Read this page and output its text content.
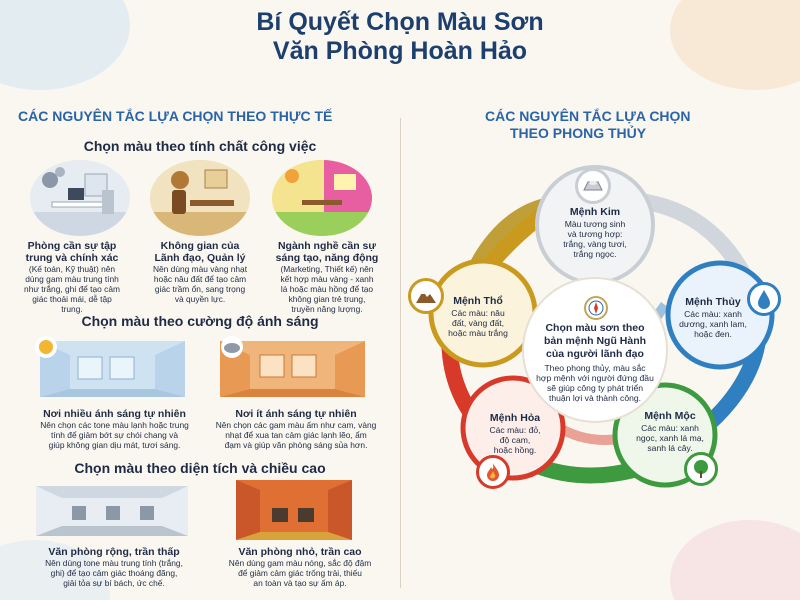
Bí Quyết Chọn Màu Sơn
Văn Phòng Hoàn Hảo
CÁC NGUYÊN TẮC LỰA CHỌN THEO THỰC TẾ
Chọn màu theo tính chất công việc
Phòng cần sự tập
trung và chính xác
(Kế toán, Kỹ thuật) nên
dùng gam màu trung tính
như trắng, ghi để tạo cảm
giác thoải mái, dễ tập
trung.
Không gian của
Lãnh đạo, Quản lý
Nên dùng màu vàng nhạt
hoặc nâu đất để tạo cảm
giác trầm ổn, sang trọng
và quyền lực.
Ngành nghề cần sự
sáng tạo, năng động
(Marketing, Thiết kế) nên
kết hợp màu vàng - xanh
lá hoặc màu hồng để tạo
không gian trẻ trung,
truyền năng lượng.
Chọn màu theo cường độ ánh sáng
Nơi nhiều ánh sáng tự nhiên
Nên chọn các tone màu lạnh hoặc trung
tính để giảm bớt sự chói chang và
giúp không gian dịu mát, tươi sáng.
Nơi ít ánh sáng tự nhiên
Nên chọn các gam màu ấm như cam, vàng
nhạt để xua tan cảm giác lạnh lẽo, ẩm
đạm và giúp văn phòng sáng sủa hơn.
Chọn màu theo diện tích và chiều cao
Văn phòng rộng, trần thấp
Nên dùng tone màu trung tính (trắng,
ghi) để tạo cảm giác thoáng đãng,
giải tỏa sự bí bách, ức chế.
Văn phòng nhỏ, trần cao
Nên dùng gam màu nóng, sắc độ đậm
để giảm cảm giác trống trải, thiếu
an toàn và tạo sự ấm áp.
CÁC NGUYÊN TẮC LỰA CHỌN
THEO PHONG THỦY
Mệnh Kim
Màu tương sinh
và tương hợp:
trắng, vàng tươi,
trắng ngọc.
Mệnh Thủy
Các màu: xanh
dương, xanh lam,
hoặc đen.
Mệnh Mộc
Các màu: xanh
ngọc, xanh lá mạ,
sanh lá cây.
Mệnh Hỏa
Các màu: đỏ,
độ cam,
hoặc hồng.
Mệnh Thổ
Các màu: nâu
đất, vàng đất,
hoặc màu trắng	Chọn màu sơn theo
bản mệnh Ngũ Hành
của người lãnh đạo
Theo phong thủy, màu sắc
hợp mệnh với người đứng đầu
sẽ giúp công ty phát triển
thuận lợi và thành công.
